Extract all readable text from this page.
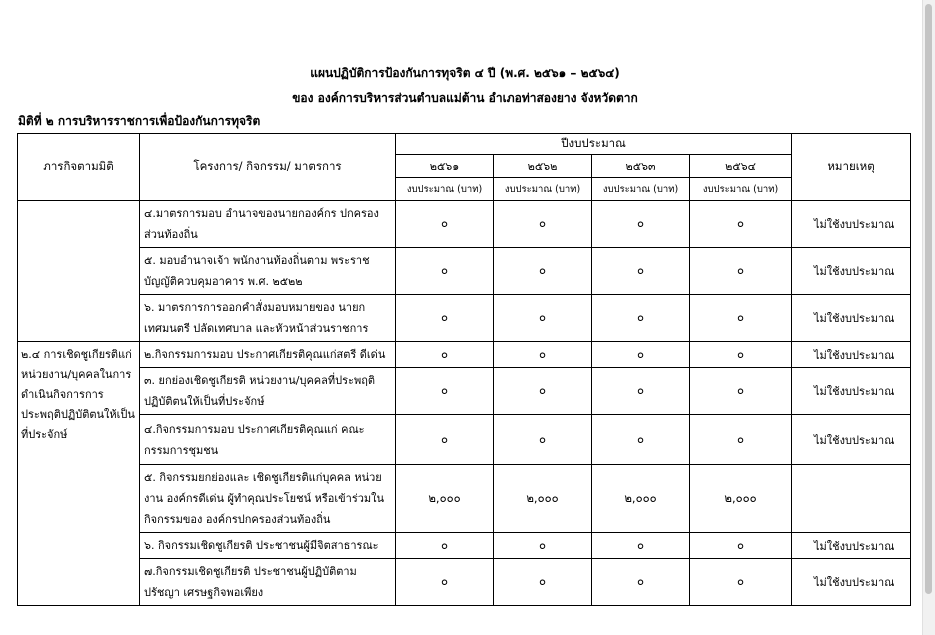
แผนปฏิบัติการป้องกันการทุจริต ๔ ปี (พ.ศ. ๒๕๖๑ – ๒๕๖๔)
ของ องค์การบริหารส่วนตำบลแม่ต้าน อำเภอท่าสองยาง จังหวัดตาก
มิติที่ ๒ การบริหารราชการเพื่อป้องกันการทุจริต
ภารกิจตามมิติ	โครงการ/ กิจกรรม/ มาตรการ	ปีงบประมาณ				หมายเหตุ
		๒๕๖๑	๒๕๖๒	๒๕๖๓	๒๕๖๔	
		งบประมาณ (บาท)	งบประมาณ (บาท)	งบประมาณ (บาท)	งบประมาณ (บาท)	
	๔.มาตรการมอบ อำนาจของนายกองค์กร ปกครองส่วนท้องถิ่น	๐	๐	๐	๐	ไม่ใช้งบประมาณ
	๕. มอบอำนาจเจ้า พนักงานท้องถิ่นตาม พระราชบัญญัติควบคุมอาคาร พ.ศ. ๒๕๒๒	๐	๐	๐	๐	ไม่ใช้งบประมาณ
	๖. มาตรการการออกคำสั่งมอบหมายของ นายกเทศมนตรี ปลัดเทศบาล และหัวหน้าส่วนราชการ	๐	๐	๐	๐	ไม่ใช้งบประมาณ
๒.๔ การเชิดชูเกียรติแก่หน่วยงาน/บุคคลในการดำเนินกิจการการประพฤติปฏิบัติตนให้เป็นที่ประจักษ์	๒.กิจกรรมการมอบ ประกาศเกียรติคุณแก่สตรี ดีเด่น	๐	๐	๐	๐	ไม่ใช้งบประมาณ
	๓. ยกย่องเชิดชูเกียรติ หน่วยงาน/บุคคลที่ประพฤติปฏิบัติตนให้เป็นที่ประจักษ์	๐	๐	๐	๐	ไม่ใช้งบประมาณ
	๔.กิจกรรมการมอบ ประกาศเกียรติคุณแก่ คณะกรรมการชุมชน	๐	๐	๐	๐	ไม่ใช้งบประมาณ
	๕. กิจกรรมยกย่องและ เชิดชูเกียรติแก่บุคคล หน่วยงาน องค์กรดีเด่น ผู้ทำคุณประโยชน์ หรือเข้าร่วมในกิจกรรมของ องค์กรปกครองส่วนท้องถิ่น	๒,๐๐๐	๒,๐๐๐	๒,๐๐๐	๒,๐๐๐	
	๖. กิจกรรมเชิดชูเกียรติ ประชาชนผู้มีจิตสาธารณะ	๐	๐	๐	๐	ไม่ใช้งบประมาณ
	๗.กิจกรรมเชิดชูเกียรติ ประชาชนผู้ปฏิบัติตามปรัชญา เศรษฐกิจพอเพียง	๐	๐	๐	๐	ไม่ใช้งบประมาณ
